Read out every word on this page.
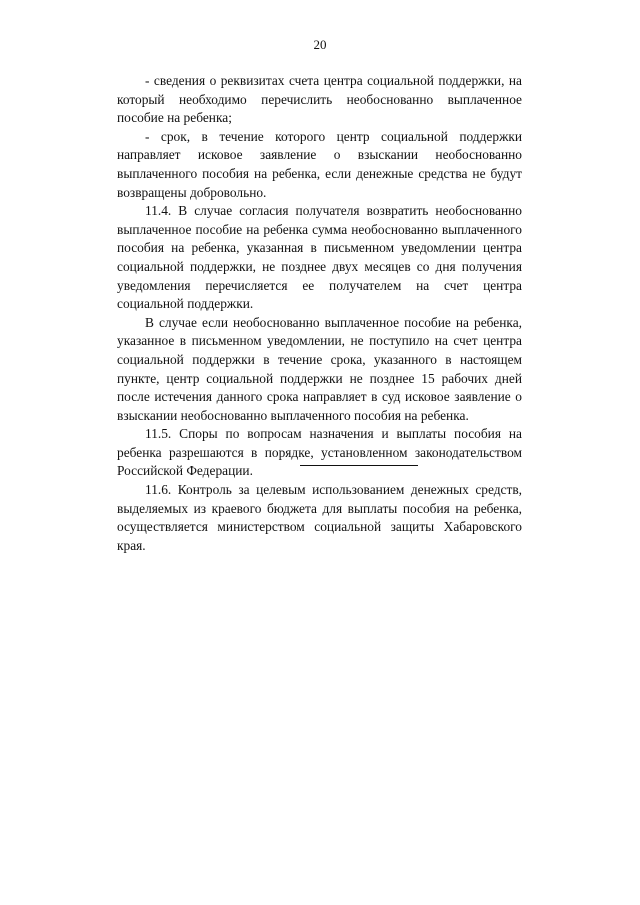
20

- сведения о реквизитах счета центра социальной поддержки, на который необходимо перечислить необоснованно выплаченное пособие на ребенка;

- срок, в течение которого центр социальной поддержки направляет исковое заявление о взыскании необоснованно выплаченного пособия на ребенка, если денежные средства не будут возвращены добровольно.

11.4. В случае согласия получателя возвратить необоснованно выплаченное пособие на ребенка сумма необоснованно выплаченного пособия на ребенка, указанная в письменном уведомлении центра социальной поддержки, не позднее двух месяцев со дня получения уведомления перечисляется ее получателем на счет центра социальной поддержки.

В случае если необоснованно выплаченное пособие на ребенка, указанное в письменном уведомлении, не поступило на счет центра социальной поддержки в течение срока, указанного в настоящем пункте, центр социальной поддержки не позднее 15 рабочих дней после истечения данного срока направляет в суд исковое заявление о взыскании необоснованно выплаченного пособия на ребенка.

11.5. Споры по вопросам назначения и выплаты пособия на ребенка разрешаются в порядке, установленном законодательством Российской Федерации.

11.6. Контроль за целевым использованием денежных средств, выделяемых из краевого бюджета для выплаты пособия на ребенка, осуществляется министерством социальной защиты Хабаровского края.
